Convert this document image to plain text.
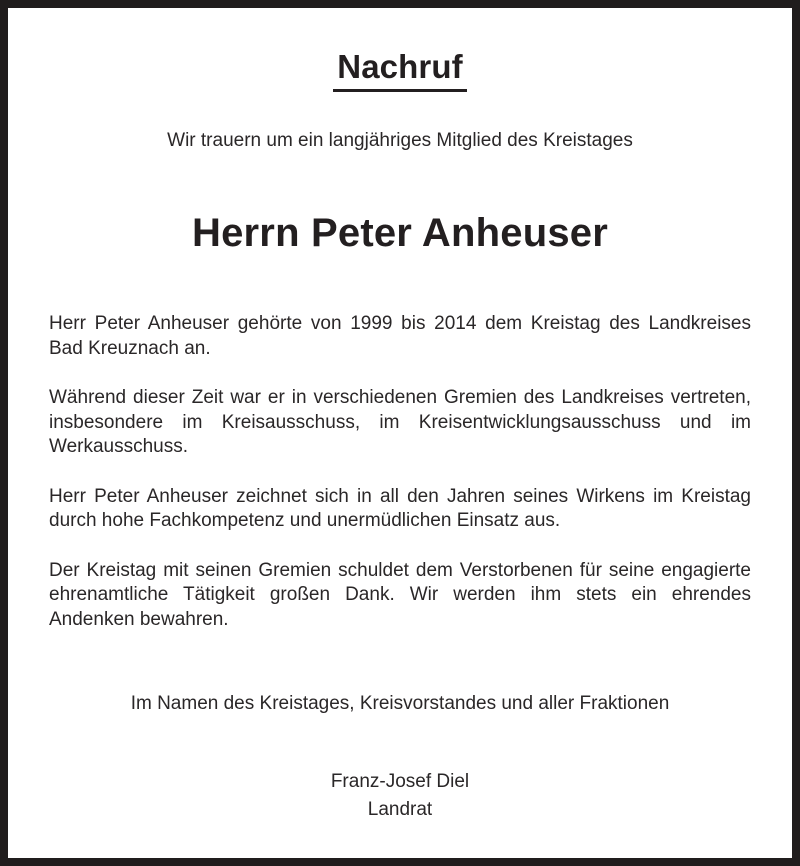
Nachruf
Wir trauern um ein langjähriges Mitglied des Kreistages
Herrn Peter Anheuser

Herr Peter Anheuser gehörte von 1999 bis 2014 dem Kreistag des Landkreises Bad Kreuznach an.

Während dieser Zeit war er in verschiedenen Gremien des Landkreises vertreten, insbesondere im Kreisausschuss, im Kreisentwicklungsausschuss und im Werkausschuss.

Herr Peter Anheuser zeichnet sich in all den Jahren seines Wirkens im Kreistag durch hohe Fachkompetenz und unermüdlichen Einsatz aus.

Der Kreistag mit seinen Gremien schuldet dem Verstorbenen für seine engagierte ehrenamtliche Tätigkeit großen Dank. Wir werden ihm stets ein ehrendes Andenken bewahren.

Im Namen des Kreistages, Kreisvorstandes und aller Fraktionen
Franz-Josef Diel
Landrat
